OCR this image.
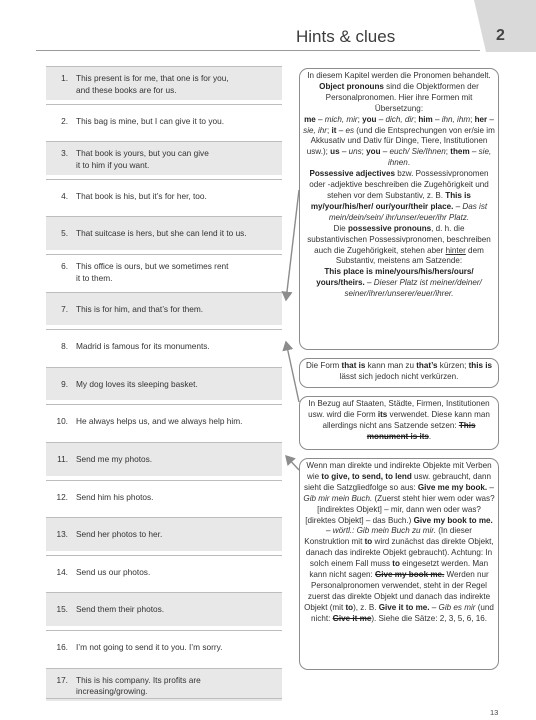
2
Hints & clues
1. This present is for me, that one is for you,
and these books are for us.
2. This bag is mine, but I can give it to you.
3. That book is yours, but you can give
it to him if you want.
4. That book is his, but it’s for her, too.
5. That suitcase is hers, but she can lend it to us.
6. This office is ours, but we sometimes rent
it to them.
7. This is for him, and that’s for them.
8. Madrid is famous for its monuments.
9. My dog loves its sleeping basket.
10. He always helps us, and we always help him.
11. Send me my photos.
12. Send him his photos.
13. Send her photos to her.
14. Send us our photos.
15. Send them their photos.
16. I’m not going to send it to you. I’m sorry.
17. This is his company. Its profits are
increasing/growing.
In diesem Kapitel werden die Pronomen behandelt.
Object pronouns sind die Objektformen der Personalpronomen. Hier ihre Formen mit Übersetzung:
me – mich, mir; you – dich, dir; him – ihn, ihm; her – sie, ihr; it – es (und die Entsprechungen von er/sie im Akkusativ und Dativ für Dinge, Tiere, Institutionen usw.); us – uns; you – euch/ Sie/Ihnen; them – sie, ihnen.
Possessive adjectives bzw. Possessivpronomen oder -adjektive beschreiben die Zugehörigkeit und stehen vor dem Substantiv, z. B. This is my/your/his/her/ our/your/their place. – Das ist mein/dein/sein/ ihr/unser/euer/ihr Platz.
Die possessive pronouns, d. h. die substantivischen Possessivpronomen, beschreiben auch die Zugehörigkeit, stehen aber hinter dem Substantiv, meistens am Satzende:
This place is mine/yours/his/hers/ours/ yours/theirs. – Dieser Platz ist meiner/deiner/ seiner/ihrer/unserer/euer/ihrer.
Die Form that is kann man zu that’s kürzen; this is lässt sich jedoch nicht verkürzen.
In Bezug auf Staaten, Städte, Firmen, Institutionen usw. wird die Form its verwendet. Diese kann man allerdings nicht ans Satzende setzen: This monument is its.
Wenn man direkte und indirekte Objekte mit Verben wie to give, to send, to lend usw. gebraucht, dann sieht die Satzgliedfolge so aus: Give me my book. – Gib mir mein Buch. (Zuerst steht hier wem oder was? [indirektes Objekt] – mir, dann wen oder was? [direktes Objekt] – das Buch.) Give my book to me. – wörtl.: Gib mein Buch zu mir. (In dieser Konstruktion mit to wird zunächst das direkte Objekt, danach das indirekte Objekt gebraucht). Achtung: In solch einem Fall muss to eingesetzt werden. Man kann nicht sagen: Give my book me. Werden nur Personalpronomen verwendet, steht in der Regel zuerst das direkte Objekt und danach das indirekte Objekt (mit to), z. B. Give it to me. – Gib es mir (und nicht: Give it me). Siehe die Sätze: 2, 3, 5, 6, 16.
13
